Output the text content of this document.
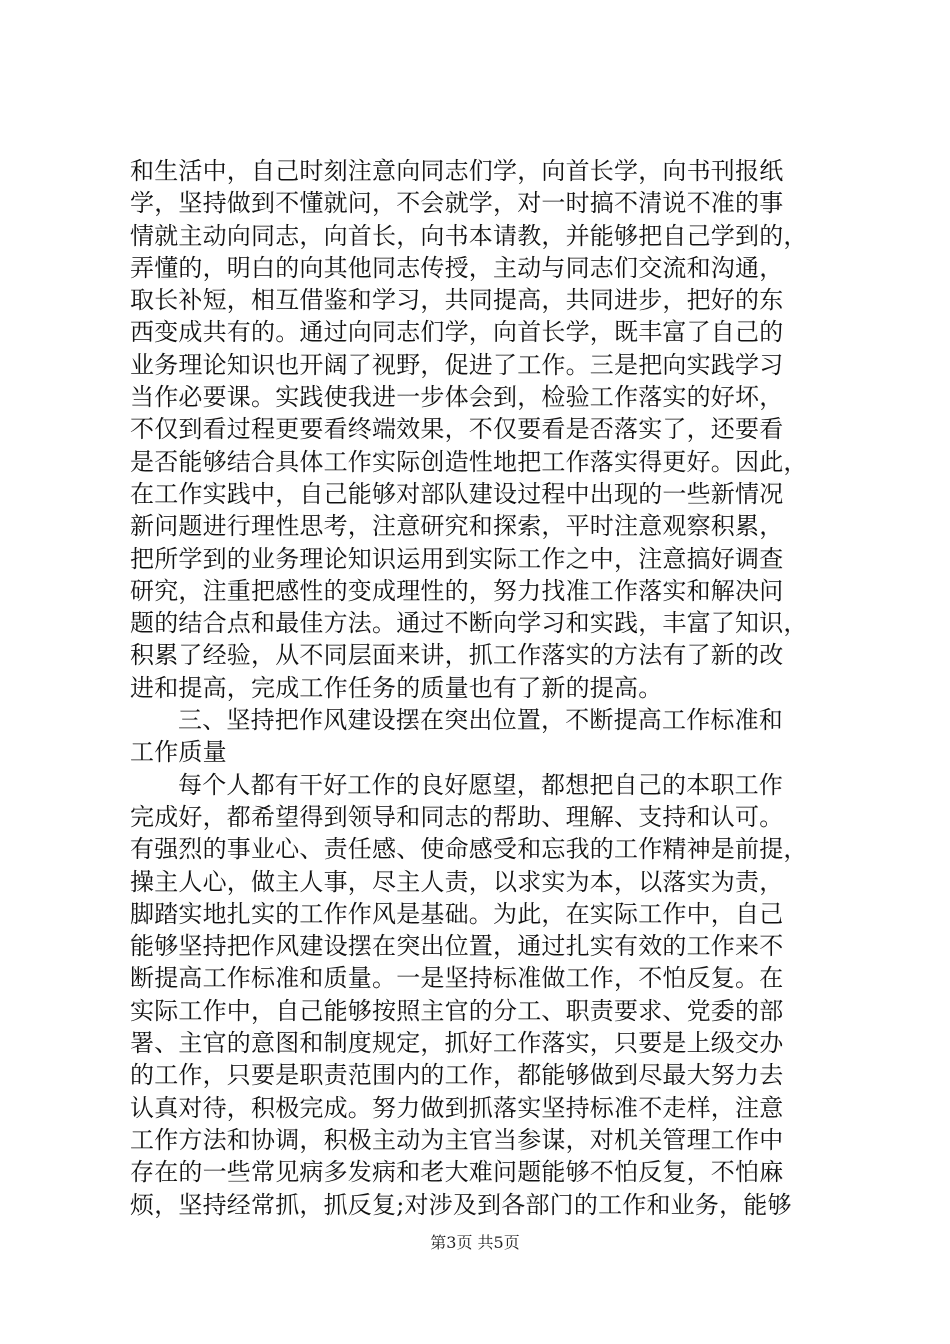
和生活中，自己时刻注意向同志们学，向首长学，向书刊报纸
学，坚持做到不懂就问，不会就学，对一时搞不清说不准的事
情就主动向同志，向首长，向书本请教，并能够把自己学到的，
弄懂的，明白的向其他同志传授，主动与同志们交流和沟通，
取长补短，相互借鉴和学习，共同提高，共同进步，把好的东
西变成共有的。通过向同志们学，向首长学，既丰富了自己的
业务理论知识也开阔了视野，促进了工作。三是把向实践学习
当作必要课。实践使我进一步体会到，检验工作落实的好坏，
不仅到看过程更要看终端效果，不仅要看是否落实了，还要看
是否能够结合具体工作实际创造性地把工作落实得更好。因此，
在工作实践中，自己能够对部队建设过程中出现的一些新情况
新问题进行理性思考，注意研究和探索，平时注意观察积累，
把所学到的业务理论知识运用到实际工作之中，注意搞好调查
研究，注重把感性的变成理性的，努力找准工作落实和解决问
题的结合点和最佳方法。通过不断向学习和实践，丰富了知识，
积累了经验，从不同层面来讲，抓工作落实的方法有了新的改
进和提高，完成工作任务的质量也有了新的提高。
三、坚持把作风建设摆在突出位置，不断提高工作标准和
工作质量
每个人都有干好工作的良好愿望，都想把自己的本职工作
完成好，都希望得到领导和同志的帮助、理解、支持和认可。
有强烈的事业心、责任感、使命感受和忘我的工作精神是前提，
操主人心，做主人事，尽主人责，以求实为本，以落实为责，
脚踏实地扎实的工作作风是基础。为此，在实际工作中，自己
能够坚持把作风建设摆在突出位置，通过扎实有效的工作来不
断提高工作标准和质量。一是坚持标准做工作，不怕反复。在
实际工作中，自己能够按照主官的分工、职责要求、党委的部
署、主官的意图和制度规定，抓好工作落实，只要是上级交办
的工作，只要是职责范围内的工作，都能够做到尽最大努力去
认真对待，积极完成。努力做到抓落实坚持标准不走样，注意
工作方法和协调，积极主动为主官当参谋，对机关管理工作中
存在的一些常见病多发病和老大难问题能够不怕反复，不怕麻
烦，坚持经常抓，抓反复;对涉及到各部门的工作和业务，能够
第3页 共5页
